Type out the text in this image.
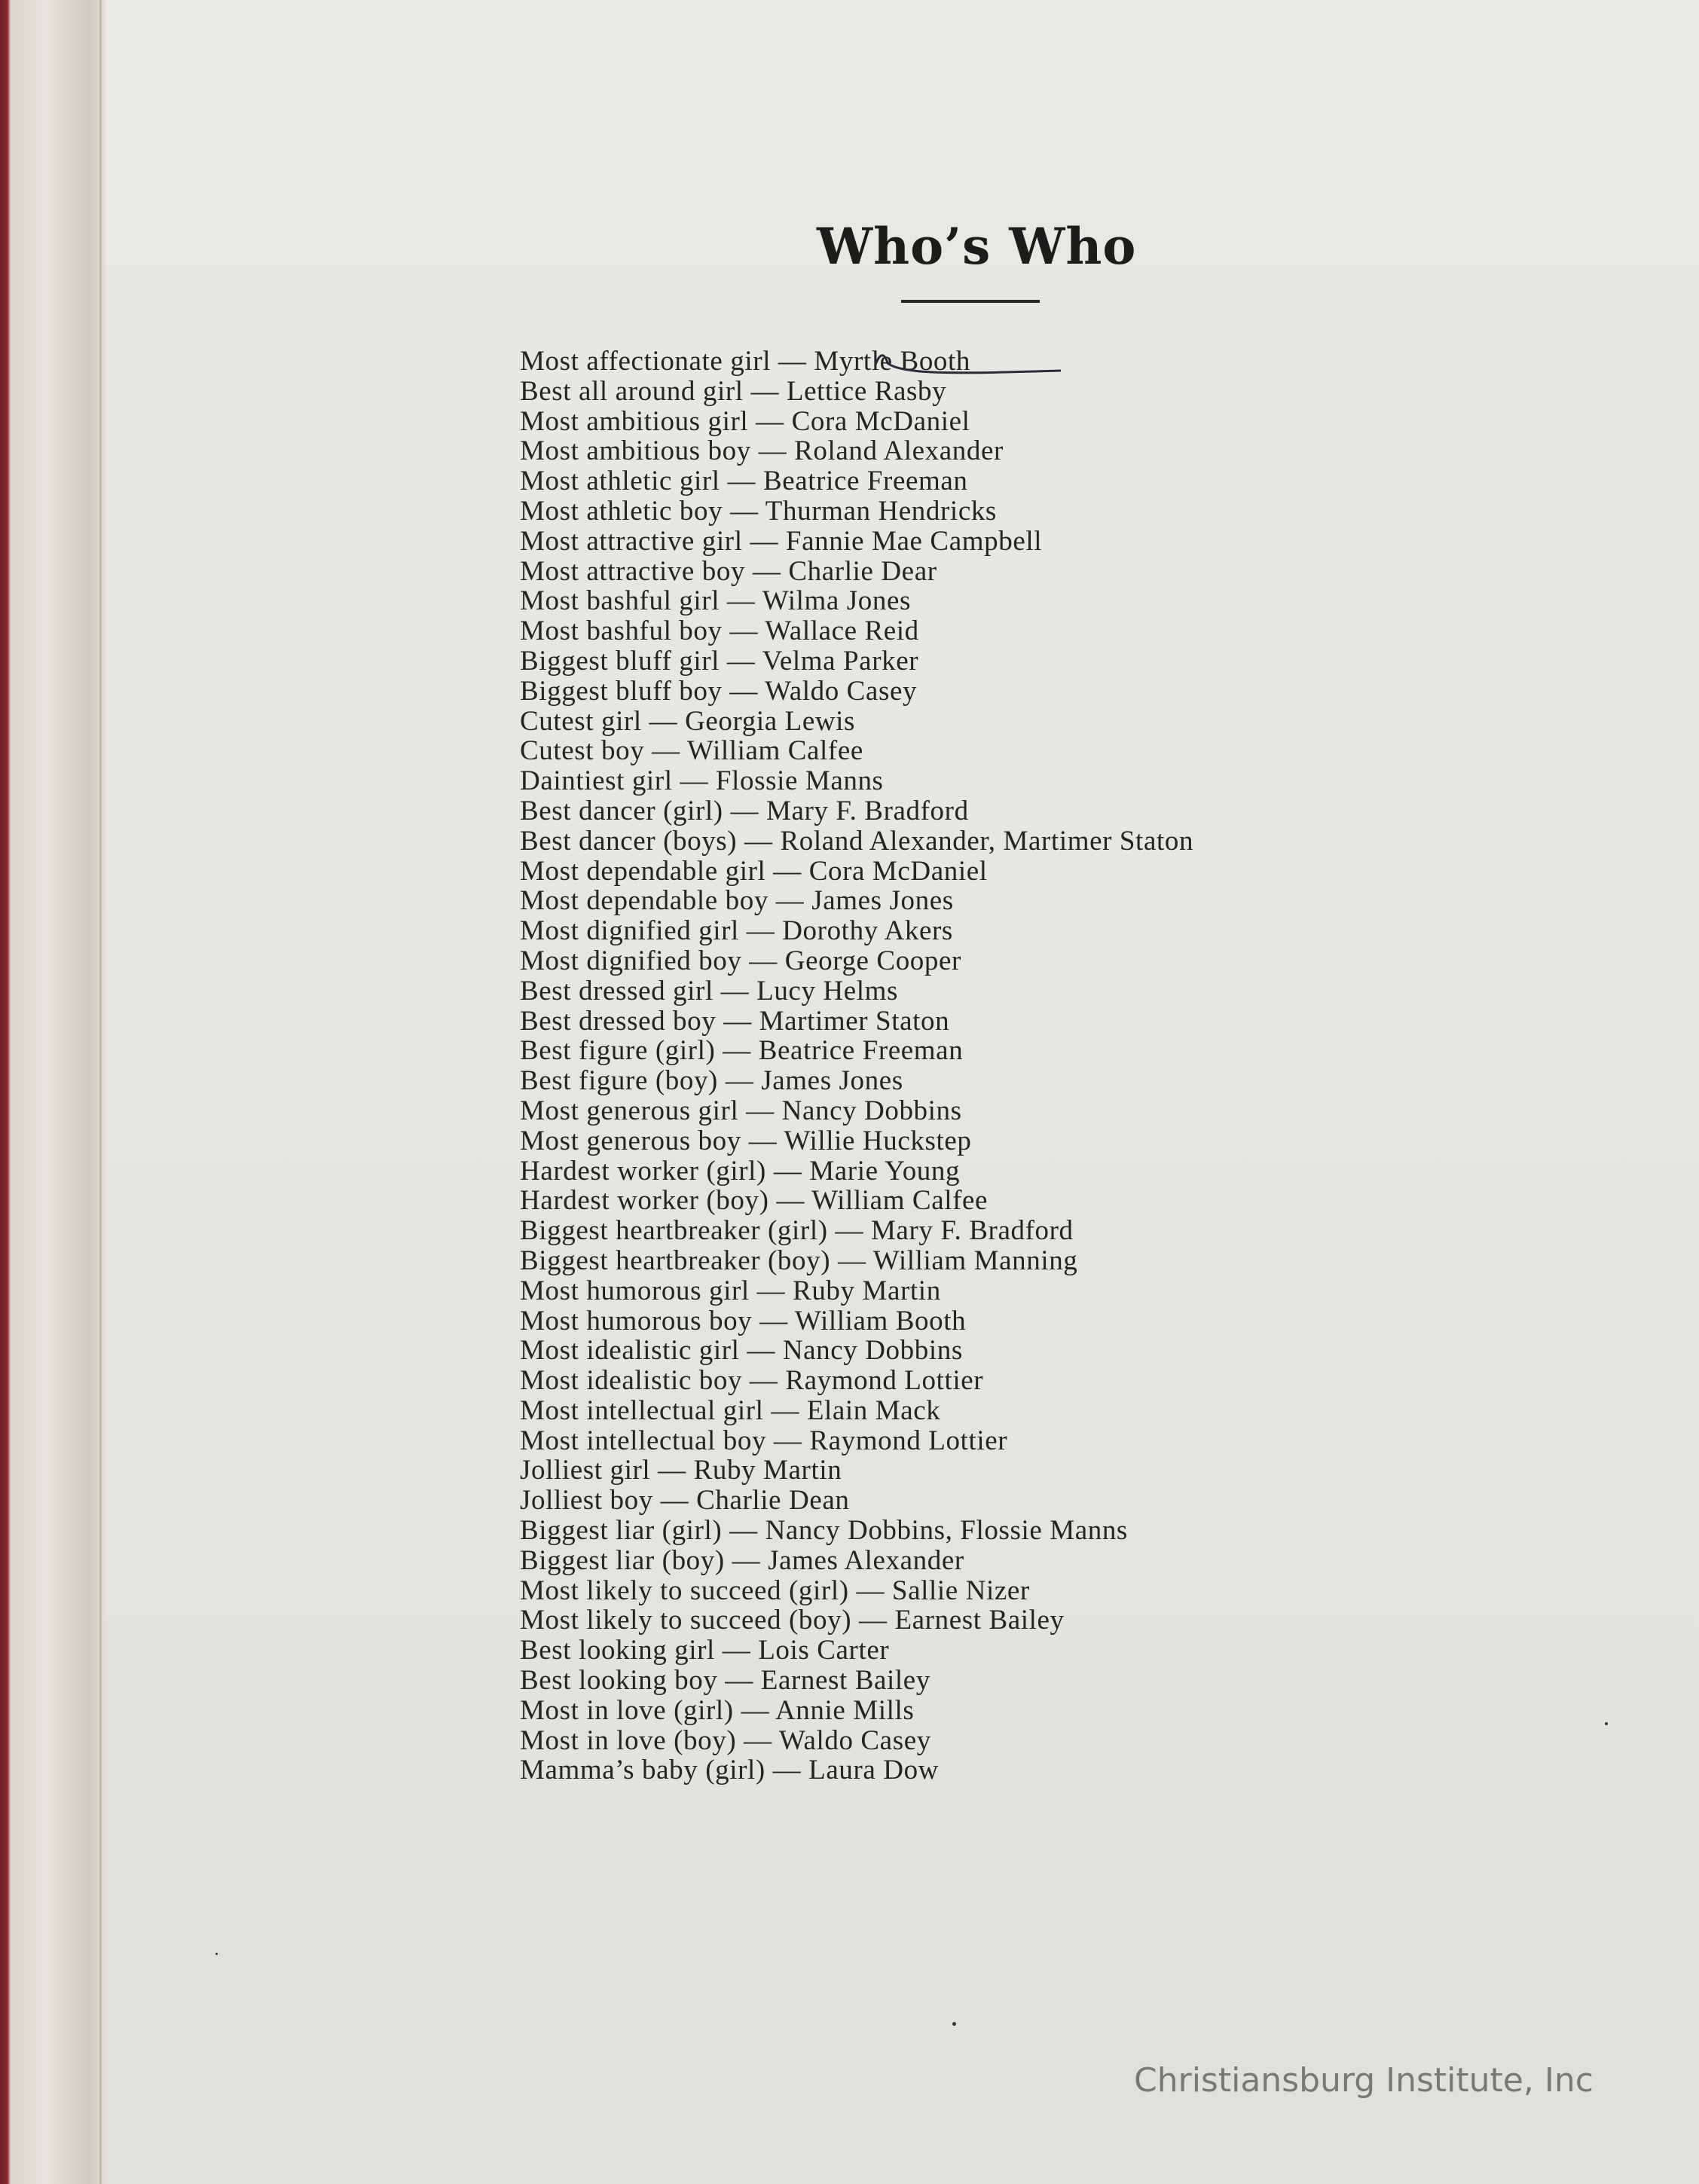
Who’s Who
Most affectionate girl — Myrtle Booth
Best all around girl — Lettice Rasby
Most ambitious girl — Cora McDaniel
Most ambitious boy — Roland Alexander
Most athletic girl — Beatrice Freeman
Most athletic boy — Thurman Hendricks
Most attractive girl — Fannie Mae Campbell
Most attractive boy — Charlie Dear
Most bashful girl — Wilma Jones
Most bashful boy — Wallace Reid
Biggest bluff girl — Velma Parker
Biggest bluff boy — Waldo Casey
Cutest girl — Georgia Lewis
Cutest boy — William Calfee
Daintiest girl — Flossie Manns
Best dancer (girl) — Mary F. Bradford
Best dancer (boys) — Roland Alexander, Martimer Staton
Most dependable girl — Cora McDaniel
Most dependable boy — James Jones
Most dignified girl — Dorothy Akers
Most dignified boy — George Cooper
Best dressed girl — Lucy Helms
Best dressed boy — Martimer Staton
Best figure (girl) — Beatrice Freeman
Best figure (boy) — James Jones
Most generous girl — Nancy Dobbins
Most generous boy — Willie Huckstep
Hardest worker (girl) — Marie Young
Hardest worker (boy) — William Calfee
Biggest heartbreaker (girl) — Mary F. Bradford
Biggest heartbreaker (boy) — William Manning
Most humorous girl — Ruby Martin
Most humorous boy — William Booth
Most idealistic girl — Nancy Dobbins
Most idealistic boy — Raymond Lottier
Most intellectual girl — Elain Mack
Most intellectual boy — Raymond Lottier
Jolliest girl — Ruby Martin
Jolliest boy — Charlie Dean
Biggest liar (girl) — Nancy Dobbins, Flossie Manns
Biggest liar (boy) — James Alexander
Most likely to succeed (girl) — Sallie Nizer
Most likely to succeed (boy) — Earnest Bailey
Best looking girl — Lois Carter
Best looking boy — Earnest Bailey
Most in love (girl) — Annie Mills
Most in love (boy) — Waldo Casey
Mamma’s baby (girl) — Laura Dow
Christiansburg Institute, Inc
